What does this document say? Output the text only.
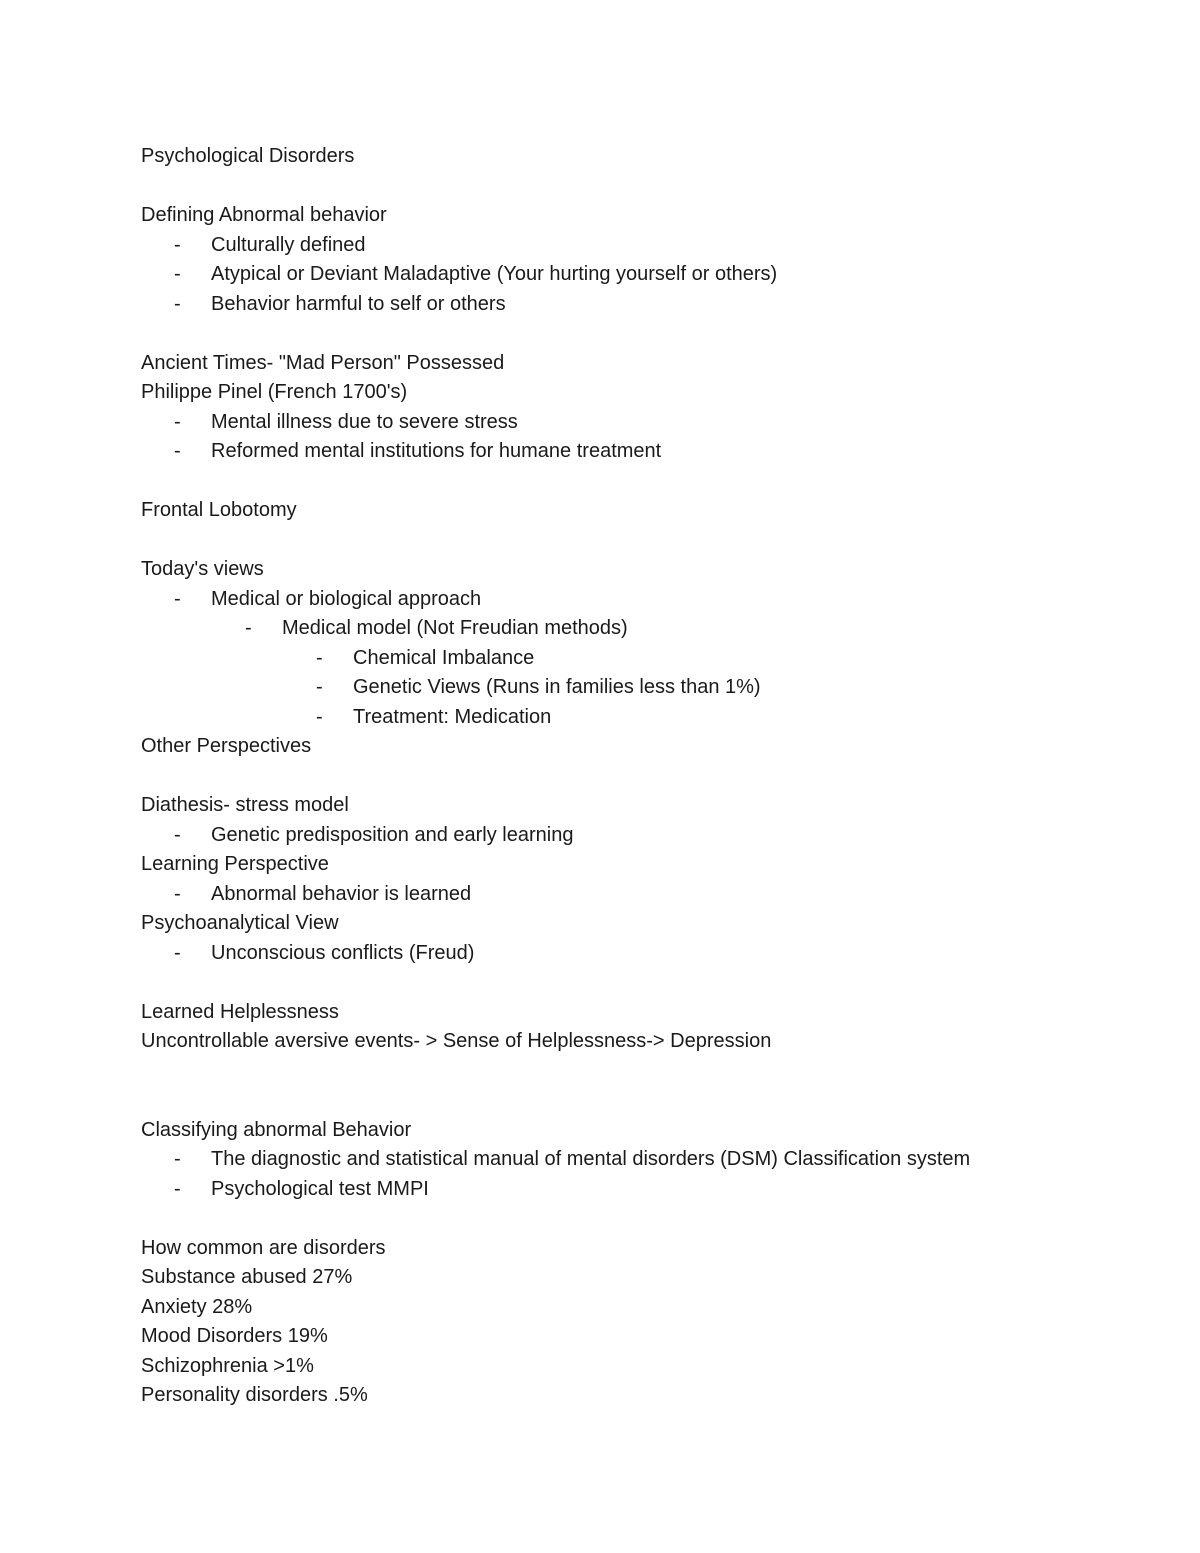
Psychological Disorders
Defining Abnormal behavior
- Culturally defined
- Atypical or Deviant Maladaptive (Your hurting yourself or others)
- Behavior harmful to self or others
Ancient Times- "Mad Person" Possessed
Philippe Pinel (French 1700's)
- Mental illness due to severe stress
- Reformed mental institutions for humane treatment
Frontal Lobotomy
Today's views
- Medical or biological approach
- Medical model (Not Freudian methods)
- Chemical Imbalance
- Genetic Views (Runs in families less than 1%)
- Treatment: Medication
Other Perspectives
Diathesis- stress model
- Genetic predisposition and early learning
Learning Perspective
- Abnormal behavior is learned
Psychoanalytical View
- Unconscious conflicts (Freud)
Learned Helplessness
Uncontrollable aversive events- > Sense of Helplessness-> Depression
Classifying abnormal Behavior
- The diagnostic and statistical manual of mental disorders (DSM) Classification system
- Psychological test MMPI
How common are disorders
Substance abused 27%
Anxiety 28%
Mood Disorders 19%
Schizophrenia >1%
Personality disorders .5%
